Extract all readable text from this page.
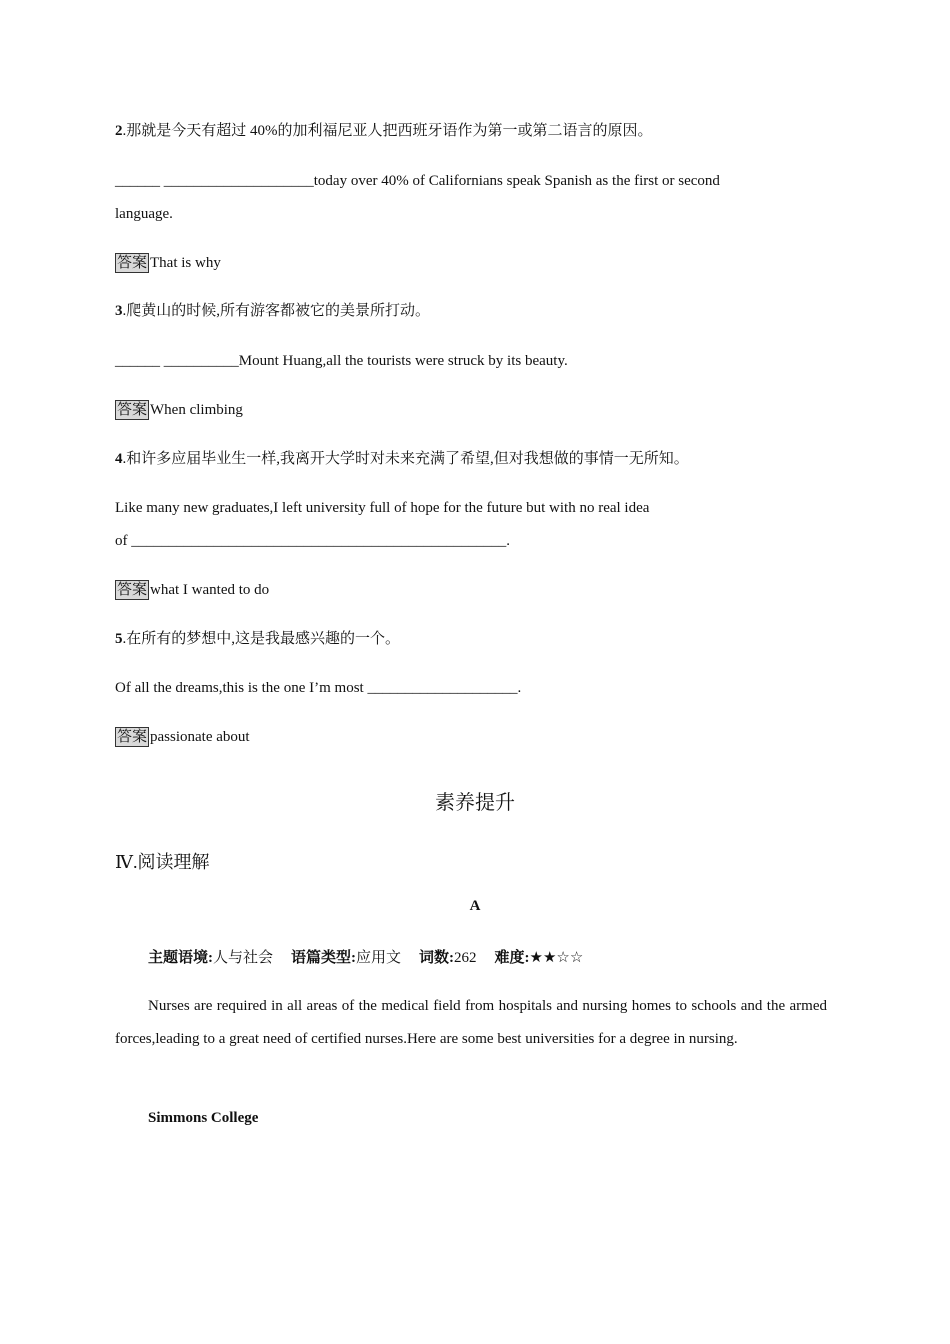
2.那就是今天有超过 40%的加利福尼亚人把西班牙语作为第一或第二语言的原因。
______ ____________________today over 40% of Californians speak Spanish as the first or second
language.
答案 That is why
3.爬黄山的时候,所有游客都被它的美景所打动。
______ __________Mount Huang,all the tourists were struck by its beauty.
答案 When climbing
4.和许多应届毕业生一样,我离开大学时对未来充满了希望,但对我想做的事情一无所知。
Like many new graduates,I left university full of hope for the future but with no real idea
of __________________________________________________.
答案 what I wanted to do
5.在所有的梦想中,这是我最感兴趣的一个。
Of all the dreams,this is the one I’m most ____________________.
答案 passionate about
素养提升
Ⅳ.阅读理解
A
主题语境:人与社会 语篇类型:应用文 词数:262 难度:★★☆☆
Nurses are required in all areas of the medical field from hospitals and nursing homes to schools and the armed forces,leading to a great need of certified nurses.Here are some best universities for a degree in nursing.
Simmons College
